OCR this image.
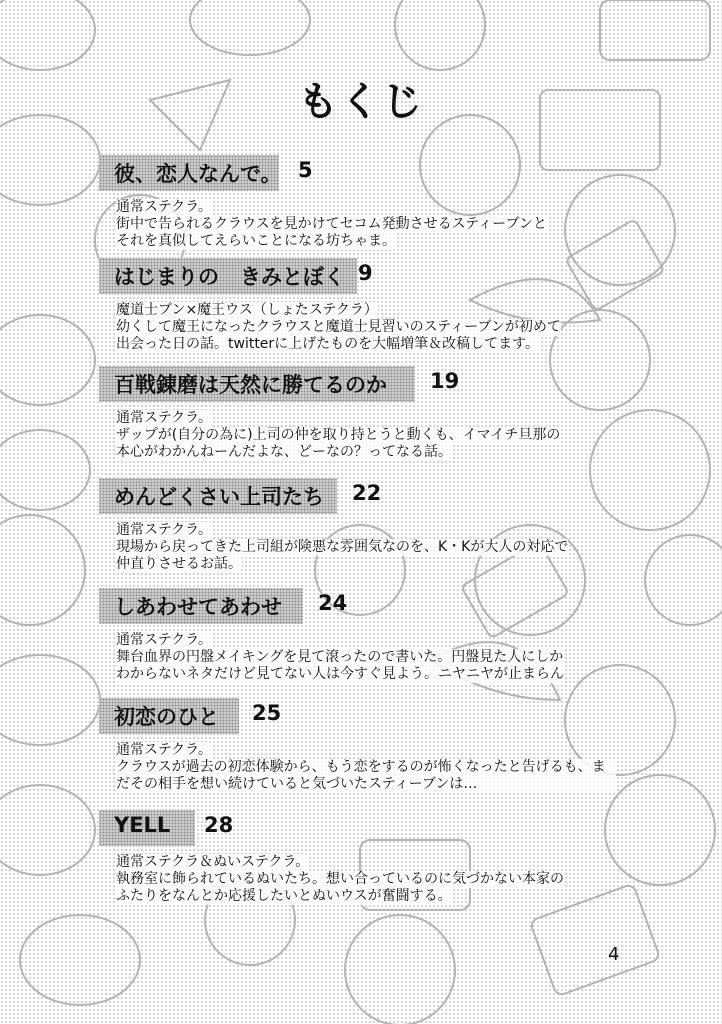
もくじ
彼、恋人なんで。 5
通常ステクラ。
街中で告られるクラウスを見かけてセコム発動させるスティーブンと
それを真似してえらいことになる坊ちゃま。
はじまりの　きみとぼく 9
魔道士ブン×魔王ウス（しょたステクラ）
幼くして魔王になったクラウスと魔道士見習いのスティーブンが初めて
出会った日の話。twitterに上げたものを大幅増筆＆改稿してます。
百戦錬磨は天然に勝てるのか 19
通常ステクラ。
ザップが(自分の為に)上司の仲を取り持とうと動くも、イマイチ旦那の
本心がわかんねーんだよな、どーなの？ってなる話。
めんどくさい上司たち 22
通常ステクラ。
現場から戻ってきた上司組が険悪な雰囲気なのを、K・Kが大人の対応で
仲直りさせるお話。
しあわせてあわせ 24
通常ステクラ。
舞台血界の円盤メイキングを見て滾ったので書いた。円盤見た人にしか
わからないネタだけど見てない人は今すぐ見よう。ニヤニヤが止まらん
初恋のひと 25
通常ステクラ。
クラウスが過去の初恋体験から、もう恋をするのが怖くなったと告げるも、まだその相手を想い続けていると気づいたスティーブンは…
YELL 28
通常ステクラ＆ぬいステクラ。
執務室に飾られているぬいたち。想い合っているのに気づかない本家の
ふたりをなんとか応援したいとぬいウスが奮闘する。
4
